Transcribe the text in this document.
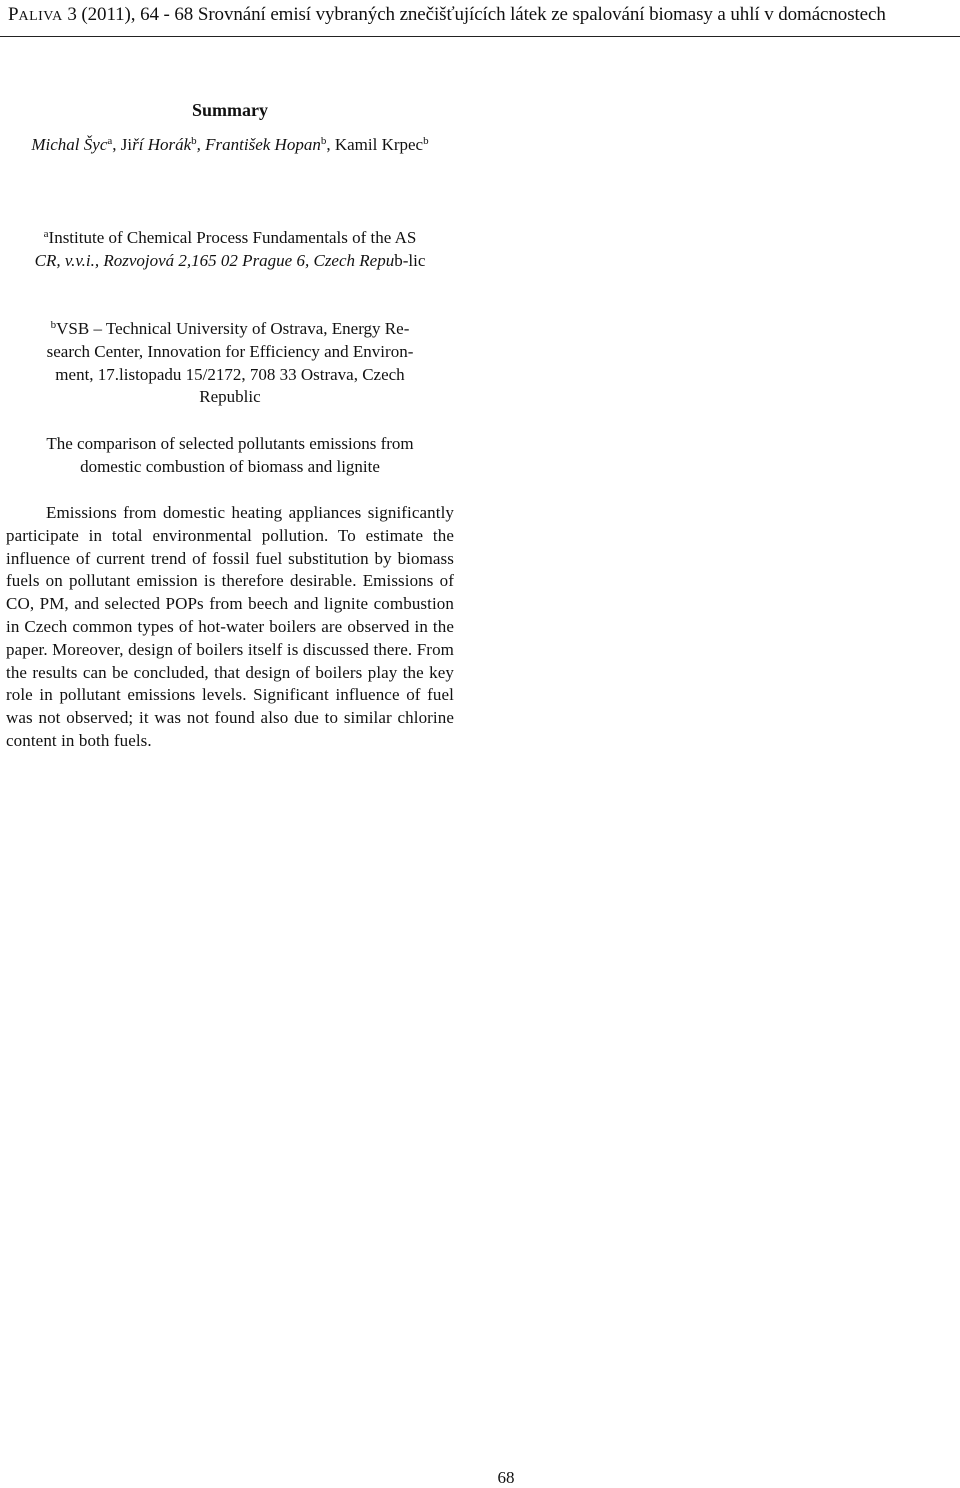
PALIVA 3 (2011), 64 - 68 Srovnání emisí vybraných znečišťujících látek ze spalování biomasy a uhlí v domácnostech
Summary
Michal Šyc$^a$, Jiří Horák$^b$, František Hopan$^b$, Kamil Krpec$^b$
$^a$Institute of Chemical Process Fundamentals of the AS
CR, v.v.i., Rozvojová 2,165 02 Prague 6, Czech Repub-lic
$^b$VSB – Technical University of Ostrava, Energy Re-
search Center, Innovation for Efficiency and Environ-
ment, 17.listopadu 15/2172, 708 33 Ostrava, Czech
Republic
The comparison of selected pollutants emissions from
domestic combustion of biomass and lignite
Emissions from domestic heating appliances significantly participate in total environmental pollution. To estimate the influence of current trend of fossil fuel substitution by biomass fuels on pollutant emission is therefore desirable. Emissions of CO, PM, and selected POPs from beech and lignite combustion in Czech common types of hot-water boilers are observed in the paper. Moreover, design of boilers itself is discussed there. From the results can be concluded, that design of boilers play the key role in pollutant emissions levels. Significant influence of fuel was not observed; it was not found also due to similar chlorine content in both fuels.
68
